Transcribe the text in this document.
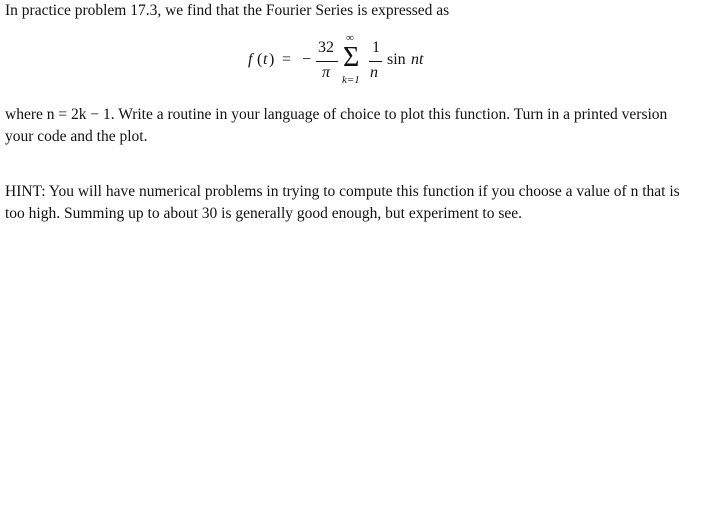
In practice problem 17.3, we find that the Fourier Series is expressed as
f ( t ) = −
32
π
∞
Σ
k=1
1
n
sin nt
where n = 2k − 1. Write a routine in your language of choice to plot this function. Turn in a printed version your code and the plot.
HINT: You will have numerical problems in trying to compute this function if you choose a value of n that is too high. Summing up to about 30 is generally good enough, but experiment to see.
